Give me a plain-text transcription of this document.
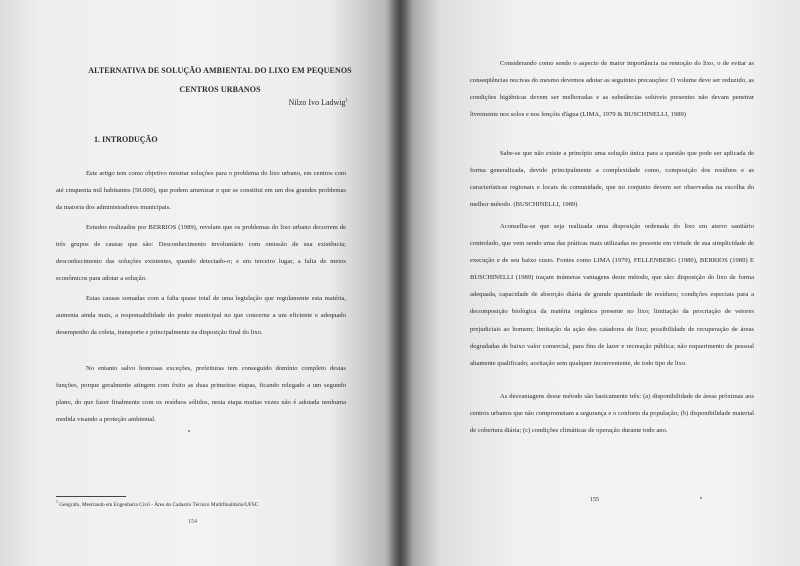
ALTERNATIVA DE SOLUÇÃO AMBIENTAL DO LIXO EM PEQUENOS
CENTROS URBANOS
Nilzo Ivo Ladwig$^1$
1. INTRODUÇÃO

Este artigo tem como objetivo mostrar soluções para o problema do lixo urbano, em centros com até cinquenta mil habitantes (50.000), que podem amenizar o que se constitui em um dos grandes problemas da maioria dos administradores municipais.

Estudos realizados por BERRIOS (1989), revelam que os problemas do lixo urbano decorrem de três grupos de causas que são: Desconhecimento involuntário com omissão de sua existência; desconhecimento das soluções existentes, quando detectado-o; e em terceiro lugar, a falta de meios econômicos para adotar a solução.

Estas causas somadas com a falta quase total de uma legislação que regulamente esta matéria, aumenta ainda mais, a responsabilidade do poder municipal no que concerne a um eficiente e adequado desempenho da coleta, transporte e principalmente na disposição final do lixo.

No entanto salvo honrosas exceções, prefeituras tem conseguido domínio completo destas funções, porque geralmente atingem com êxito as duas primeiras etapas, ficando relegado a um segundo plano, do que fazer finalmente com os resíduos sólidos, nesta etapa muitas vezes não é adotada nenhuma medida visando a proteção ambiental.

$^1$ Geógrafo, Mestrando em Engenharia Civil - Área do Cadastro Técnico Multifinalitário/UFSC
154

Considerando como sendo o aspecto de maior importância na remoção do lixo, o de evitar as conseqüências nocivas do mesmo devemos adotar as seguintes precauções: O volume deve ser reduzido, as condições higiênicas devem ser melhoradas e as substâncias solúveis presentes não devam penetrar livremente nos solos e nos lençóis d'água (LIMA, 1979 & BUSCHINELLI, 1989)

Sabe-se que não existe a princípio uma solução única para a questão que pode ser aplicada de forma generalizada, devido principalmente a complexidade como, composição dos resíduos e as características regionais e locais da comunidade, que no conjunto devem ser observadas na escolha do melhor método. (BUSCHINELLI, 1989)

Aconselha-se que seja realizada uma disposição ordenada do lixo em aterro sanitário controlado, que vem sendo uma das práticas mais utilizadas no presente em virtude de sua simplicidade de execução e de seu baixo custo. Fontes como LIMA (1979), FELLENBERG (1980), BERRIOS (1989) E BUSCHINELLI (1989) traçam inúmeras vantagens deste método, que são: disposição do lixo de forma adequada, capacidade de absorção diária de grande quantidade de resíduos; condições especiais para a decomposição biológica da matéria orgânica presente no lixo; limitação da procriação de vetores prejudiciais ao homem; limitação da ação dos catadores de lixo; possibilidade de recuperação de áreas degradadas de baixo valor comercial, para fins de lazer e recreação pública; não requerimento de pessoal altamente qualificado; aceitação sem qualquer inconveniente, de todo tipo de lixo.

As desvantagens desse método são basicamente três: (a) disponibilidade de áreas próximas aos centros urbanos que não comprometam a segurança e o conforto da população; (b) disponibilidade material de cobertura diária; (c) condições climáticas de operação durante todo ano.

155
